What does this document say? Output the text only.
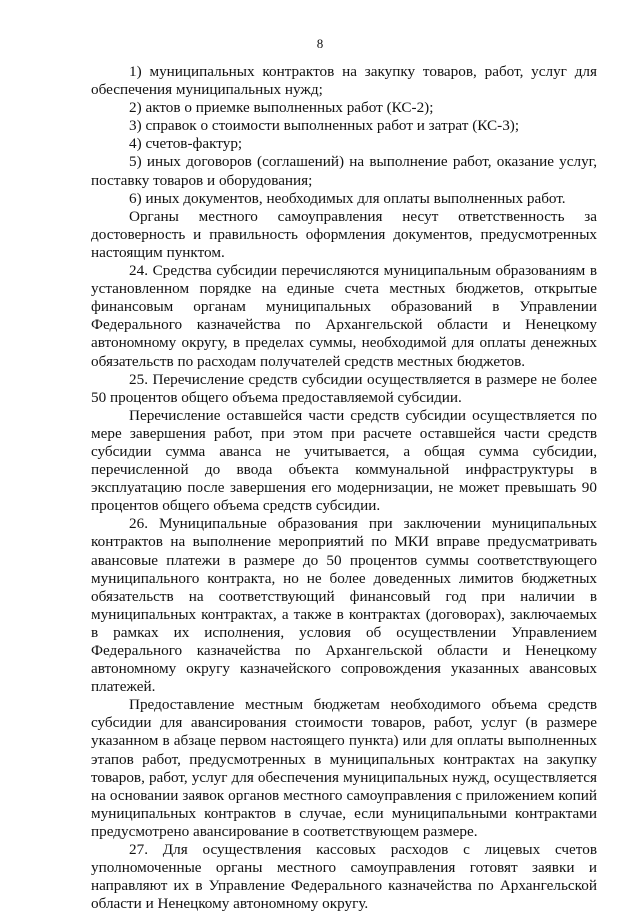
8

1) муниципальных контрактов на закупку товаров, работ, услуг для обеспечения муниципальных нужд;

2) актов о приемке выполненных работ (КС-2);

3) справок о стоимости выполненных работ и затрат (КС-3);

4) счетов-фактур;

5) иных договоров (соглашений) на выполнение работ, оказание услуг, поставку товаров и оборудования;

6) иных документов, необходимых для оплаты выполненных работ.

Органы местного самоуправления несут ответственность за достоверность и правильность оформления документов, предусмотренных настоящим пунктом.

24. Средства субсидии перечисляются муниципальным образованиям в установленном порядке на единые счета местных бюджетов, открытые финансовым органам муниципальных образований в Управлении Федерального казначейства по Архангельской области и Ненецкому автономному округу, в пределах суммы, необходимой для оплаты денежных обязательств по расходам получателей средств местных бюджетов.

25. Перечисление средств субсидии осуществляется в размере не более 50 процентов общего объема предоставляемой субсидии.

Перечисление оставшейся части средств субсидии осуществляется по мере завершения работ, при этом при расчете оставшейся части средств субсидии сумма аванса не учитывается, а общая сумма субсидии, перечисленной до ввода объекта коммунальной инфраструктуры в эксплуатацию после завершения его модернизации, не может превышать 90 процентов общего объема средств субсидии.

26. Муниципальные образования при заключении муниципальных контрактов на выполнение мероприятий по МКИ вправе предусматривать авансовые платежи в размере до 50 процентов суммы соответствующего муниципального контракта, но не более доведенных лимитов бюджетных обязательств на соответствующий финансовый год при наличии в муниципальных контрактах, а также в контрактах (договорах), заключаемых в рамках их исполнения, условия об осуществлении Управлением Федерального казначейства по Архангельской области и Ненецкому автономному округу казначейского сопровождения указанных авансовых платежей.

Предоставление местным бюджетам необходимого объема средств субсидии для авансирования стоимости товаров, работ, услуг (в размере указанном в абзаце первом настоящего пункта) или для оплаты выполненных этапов работ, предусмотренных в муниципальных контрактах на закупку товаров, работ, услуг для обеспечения муниципальных нужд, осуществляется на основании заявок органов местного самоуправления с приложением копий муниципальных контрактов в случае, если муниципальными контрактами предусмотрено авансирование в соответствующем размере.

27. Для осуществления кассовых расходов с лицевых счетов уполномоченные органы местного самоуправления готовят заявки и направляют их в Управление Федерального казначейства по Архангельской области и Ненецкому автономному округу.
